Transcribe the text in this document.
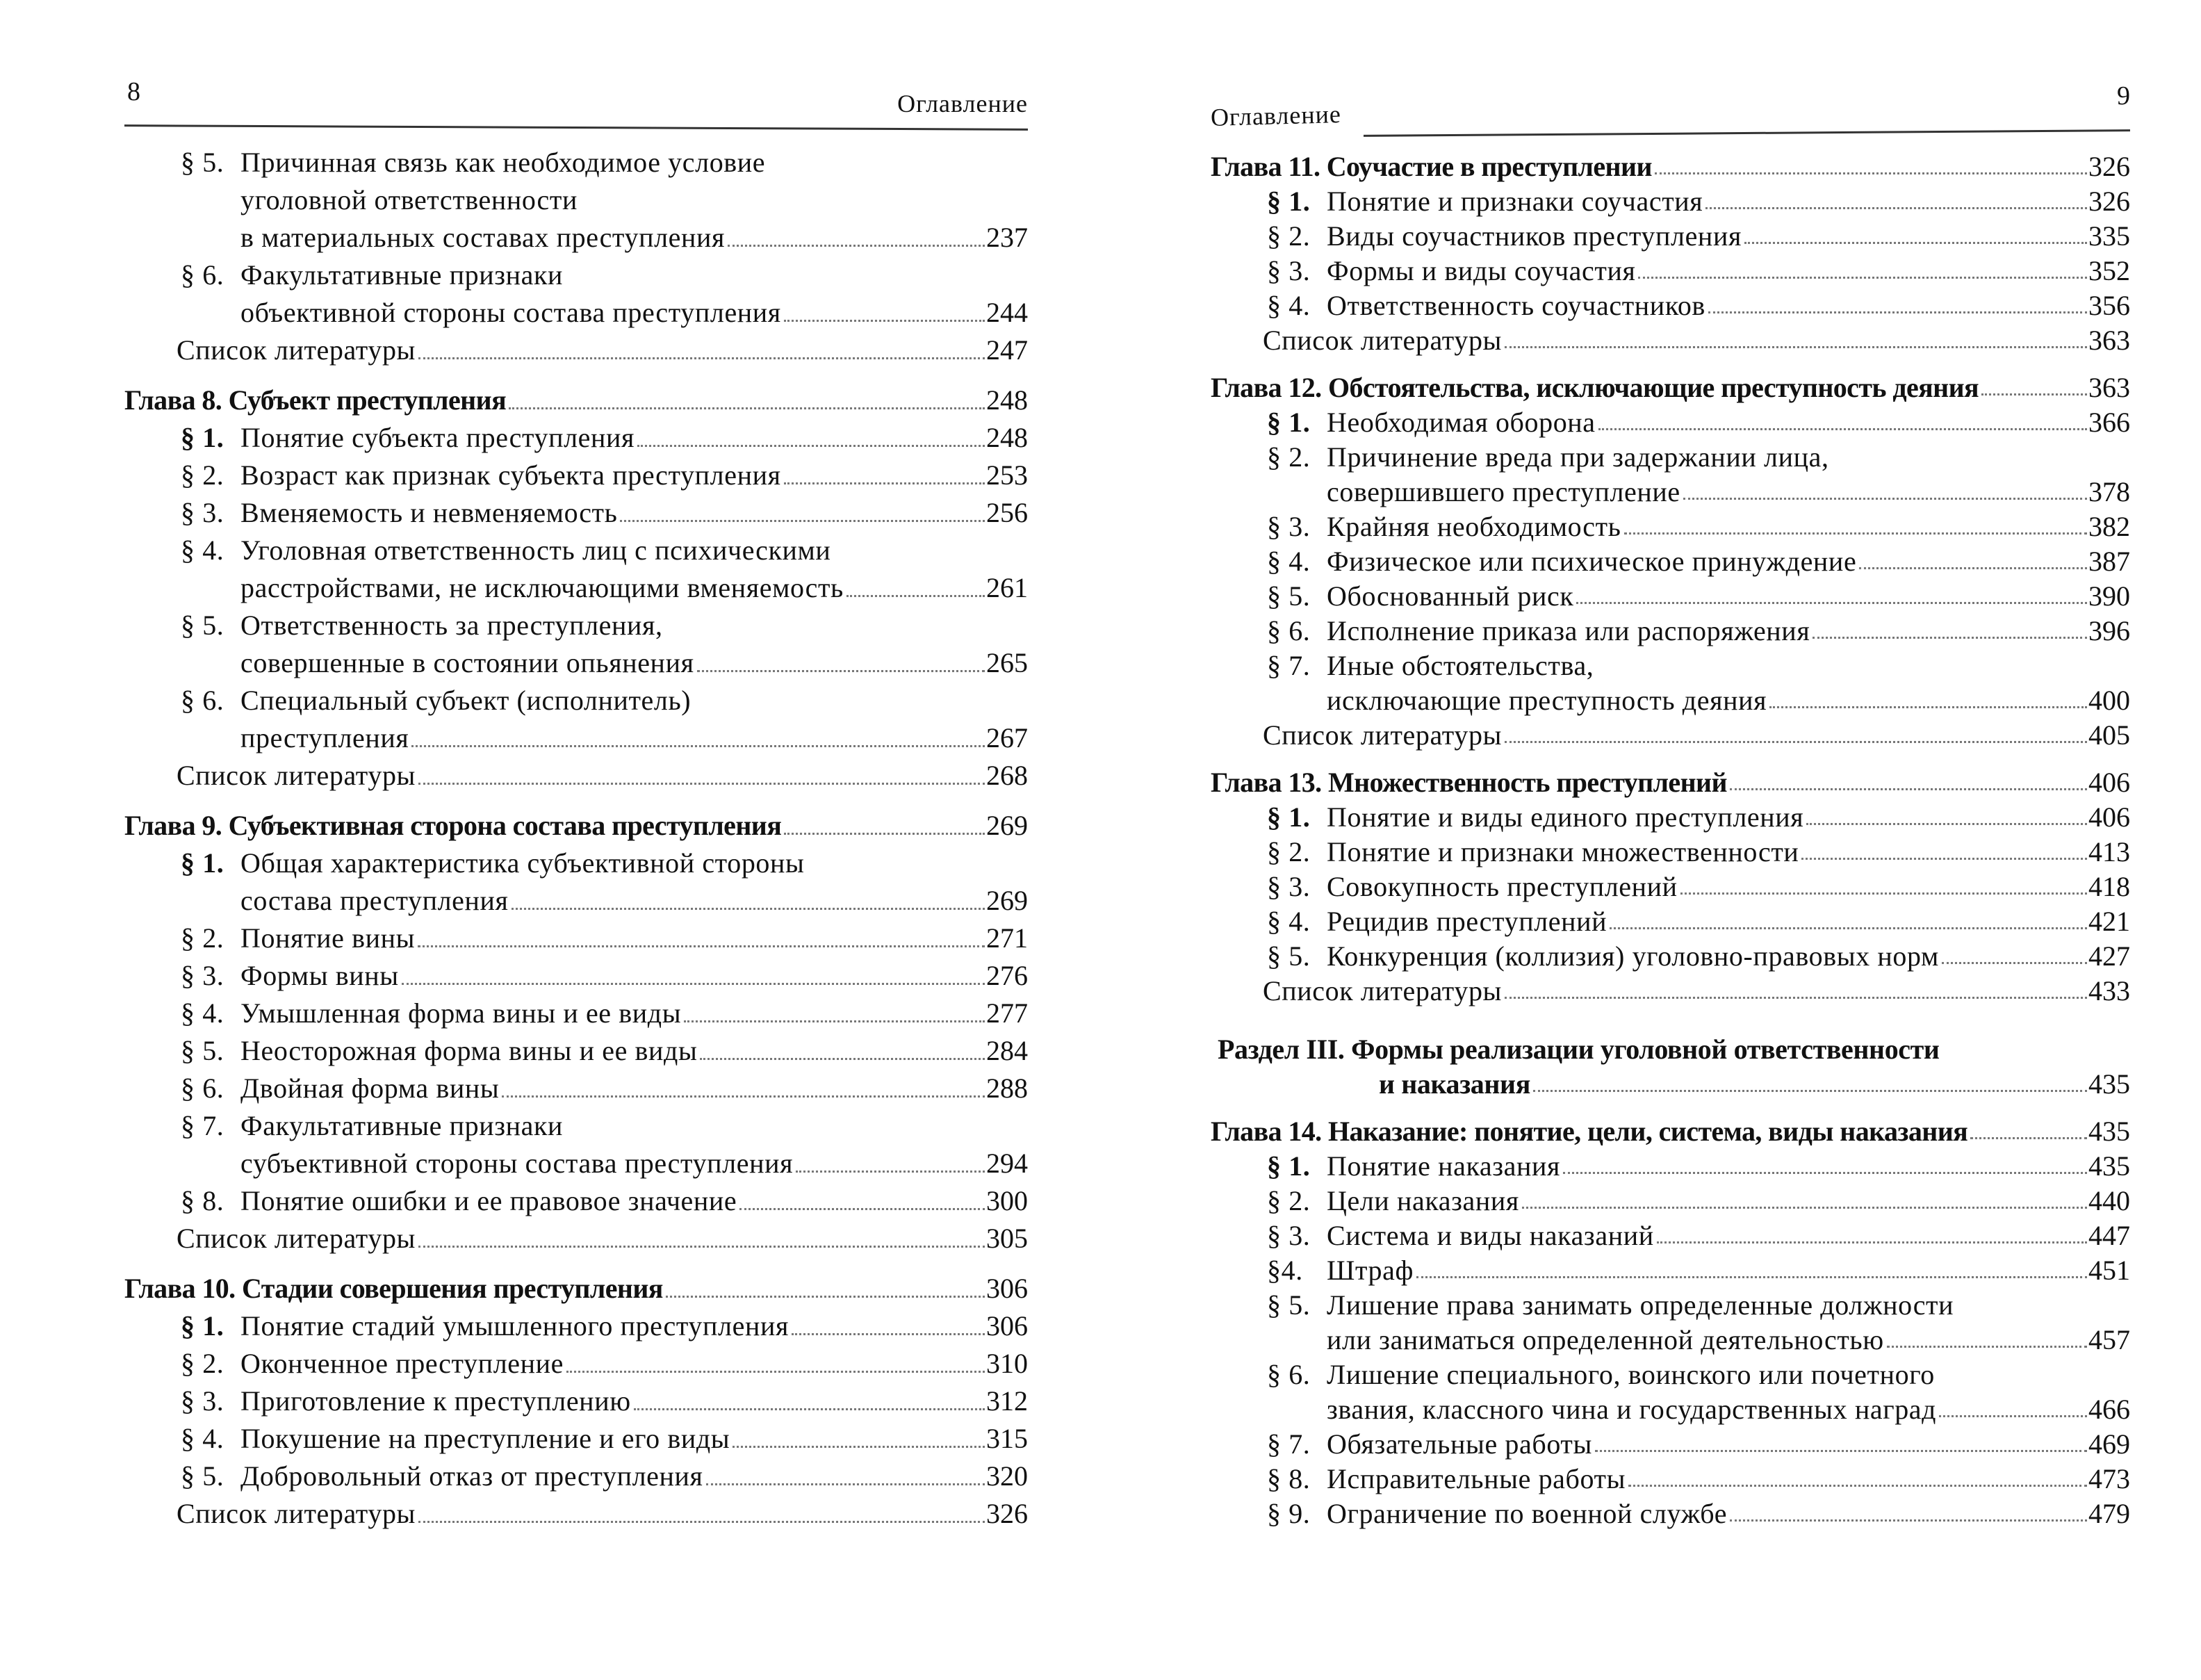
8	Оглавление
§ 5. Причинная связь как необходимое условие
уголовной ответственности
в материальных составах преступления	237
§ 6. Факультативные признаки
объективной стороны состава преступления	244
Список литературы	247
Глава 8. Субъект преступления	248
§ 1. Понятие субъекта преступления	248
§ 2. Возраст как признак субъекта преступления	253
§ 3. Вменяемость и невменяемость	256
§ 4. Уголовная ответственность лиц с психическими
расстройствами, не исключающими вменяемость	261
§ 5. Ответственность за преступления,
совершенные в состоянии опьянения	265
§ 6. Специальный субъект (исполнитель)
преступления	267
Список литературы	268
Глава 9. Субъективная сторона состава преступления	269
§ 1. Общая характеристика субъективной стороны
состава преступления	269
§ 2. Понятие вины	271
§ 3. Формы вины	276
§ 4. Умышленная форма вины и ее виды	277
§ 5. Неосторожная форма вины и ее виды	284
§ 6. Двойная форма вины	288
§ 7. Факультативные признаки
субъективной стороны состава преступления	294
§ 8. Понятие ошибки и ее правовое значение	300
Список литературы	305
Глава 10. Стадии совершения преступления	306
§ 1. Понятие стадий умышленного преступления	306
§ 2. Оконченное преступление	310
§ 3. Приготовление к преступлению	312
§ 4. Покушение на преступление и его виды	315
§ 5. Добровольный отказ от преступления	320
Список литературы	326
9
Оглавление
Глава 11. Соучастие в преступлении	326
§ 1. Понятие и признаки соучастия	326
§ 2. Виды соучастников преступления	335
§ 3. Формы и виды соучастия	352
§ 4. Ответственность соучастников	356
Список литературы	363
Глава 12. Обстоятельства, исключающие преступность деяния	363
§ 1. Необходимая оборона	366
§ 2. Причинение вреда при задержании лица,
совершившего преступление	378
§ 3. Крайняя необходимость	382
§ 4. Физическое или психическое принуждение	387
§ 5. Обоснованный риск	390
§ 6. Исполнение приказа или распоряжения	396
§ 7. Иные обстоятельства,
исключающие преступность деяния	400
Список литературы	405
Глава 13. Множественность преступлений	406
§ 1. Понятие и виды единого преступления	406
§ 2. Понятие и признаки множественности	413
§ 3. Совокупность преступлений	418
§ 4. Рецидив преступлений	421
§ 5. Конкуренция (коллизия) уголовно-правовых норм	427
Список литературы	433
Раздел III. Формы реализации уголовной ответственности
и наказания	435
Глава 14. Наказание: понятие, цели, система, виды наказания	435
§ 1. Понятие наказания	435
§ 2. Цели наказания	440
§ 3. Система и виды наказаний	447
§4. Штраф	451
§ 5. Лишение права занимать определенные должности
или заниматься определенной деятельностью	457
§ 6. Лишение специального, воинского или почетного
звания, классного чина и государственных наград	466
§ 7. Обязательные работы	469
§ 8. Исправительные работы	473
§ 9. Ограничение по военной службе	479
